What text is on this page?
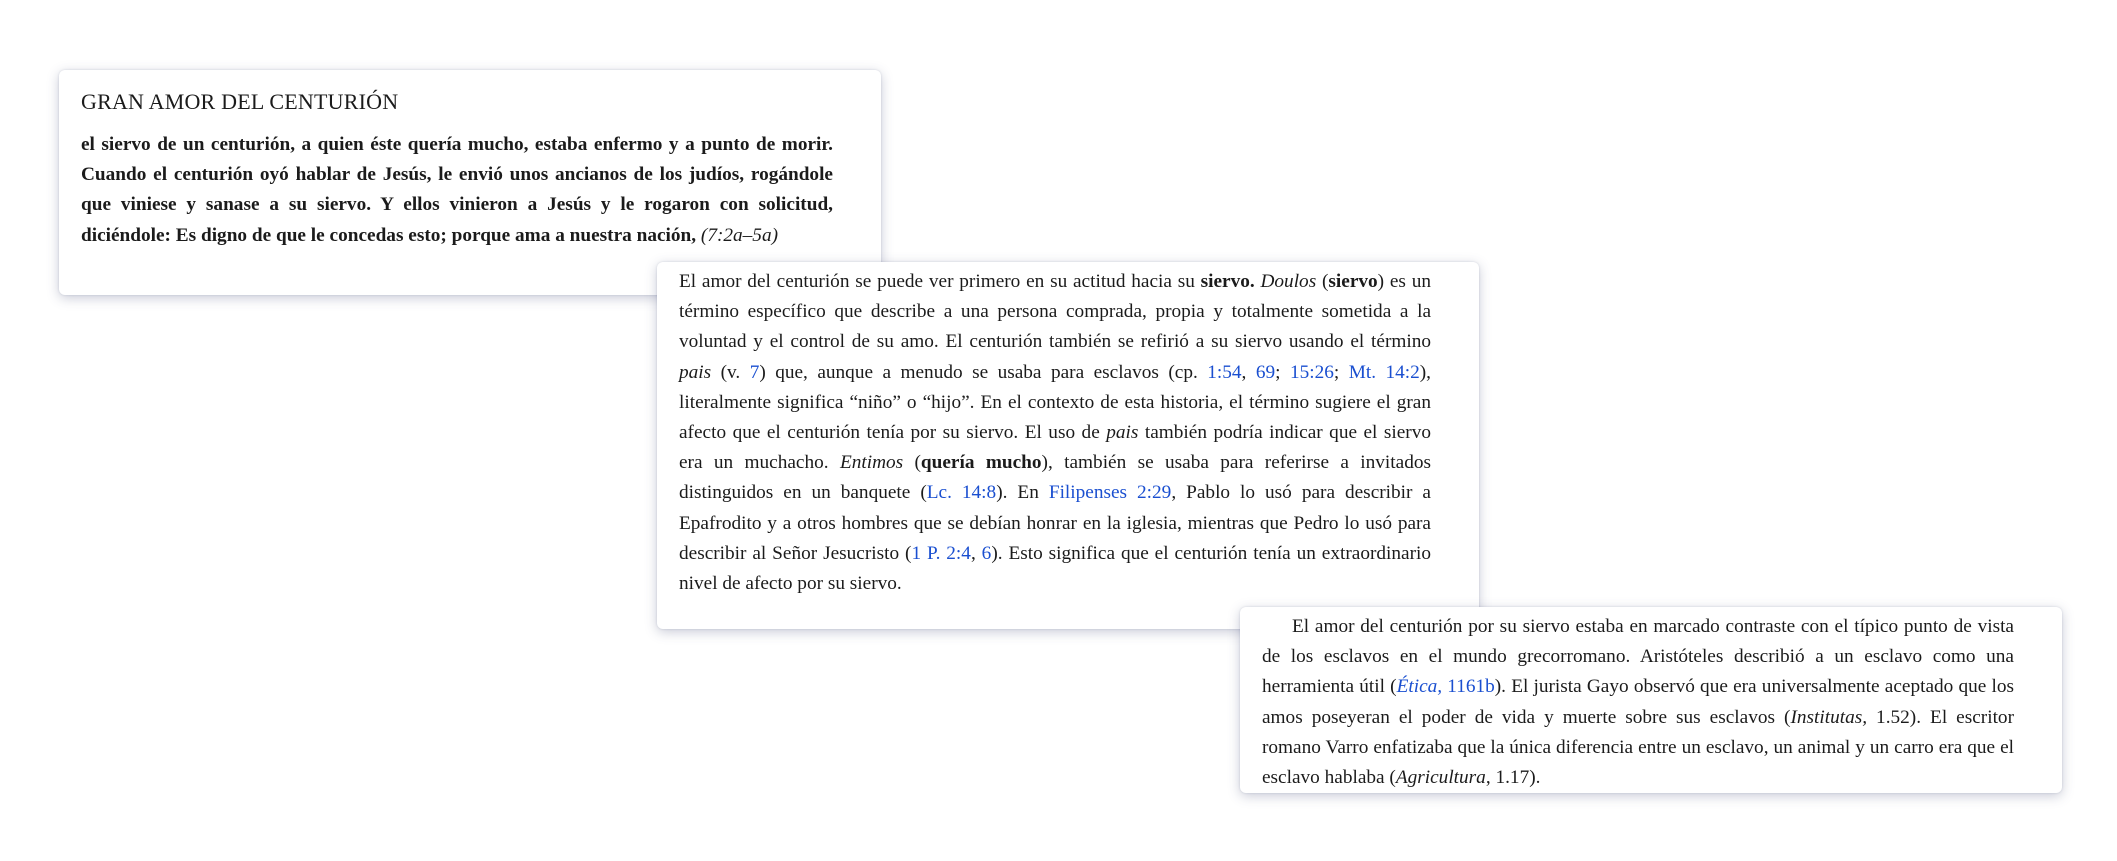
GRAN AMOR DEL CENTURIÓN

el siervo de un centurión, a quien éste quería mucho, estaba enfermo y a punto de morir. Cuando el centurión oyó hablar de Jesús, le envió unos ancianos de los judíos, rogándole que viniese y sanase a su siervo. Y ellos vinieron a Jesús y le rogaron con solicitud, diciéndole: Es digno de que le concedas esto; porque ama a nuestra nación, (7:2a–5a)

El amor del centurión se puede ver primero en su actitud hacia su siervo. Doulos (siervo) es un término específico que describe a una persona comprada, propia y totalmente sometida a la voluntad y el control de su amo. El centurión también se refirió a su siervo usando el término pais (v. 7) que, aunque a menudo se usaba para esclavos (cp. 1:54, 69; 15:26; Mt. 14:2), literalmente significa “niño” o “hijo”. En el contexto de esta historia, el término sugiere el gran afecto que el centurión tenía por su siervo. El uso de pais también podría indicar que el siervo era un muchacho. Entimos (quería mucho), también se usaba para referirse a invitados distinguidos en un banquete (Lc. 14:8). En Filipenses 2:29, Pablo lo usó para describir a Epafrodito y a otros hombres que se debían honrar en la iglesia, mientras que Pedro lo usó para describir al Señor Jesucristo (1 P. 2:4, 6). Esto significa que el centurión tenía un extraordinario nivel de afecto por su siervo.

El amor del centurión por su siervo estaba en marcado contraste con el típico punto de vista de los esclavos en el mundo grecorromano. Aristóteles describió a un esclavo como una herramienta útil (Ética, 1161b). El jurista Gayo observó que era universalmente aceptado que los amos poseyeran el poder de vida y muerte sobre sus esclavos (Institutas, 1.52). El escritor romano Varro enfatizaba que la única diferencia entre un esclavo, un animal y un carro era que el esclavo hablaba (Agricultura, 1.17).
